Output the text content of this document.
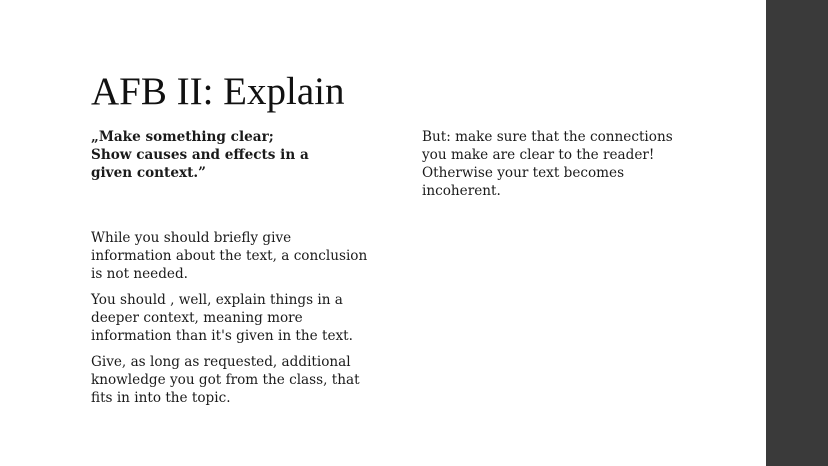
AFB II: Explain

„Make something clear;
Show causes and effects in a
given context.”

While you should briefly give
information about the text, a conclusion
is not needed.

You should , well, explain things in a
deeper context, meaning more
information than it's given in the text.

Give, as long as requested, additional
knowledge you got from the class, that
fits in into the topic.

But: make sure that the connections
you make are clear to the reader!
Otherwise your text becomes
incoherent.
